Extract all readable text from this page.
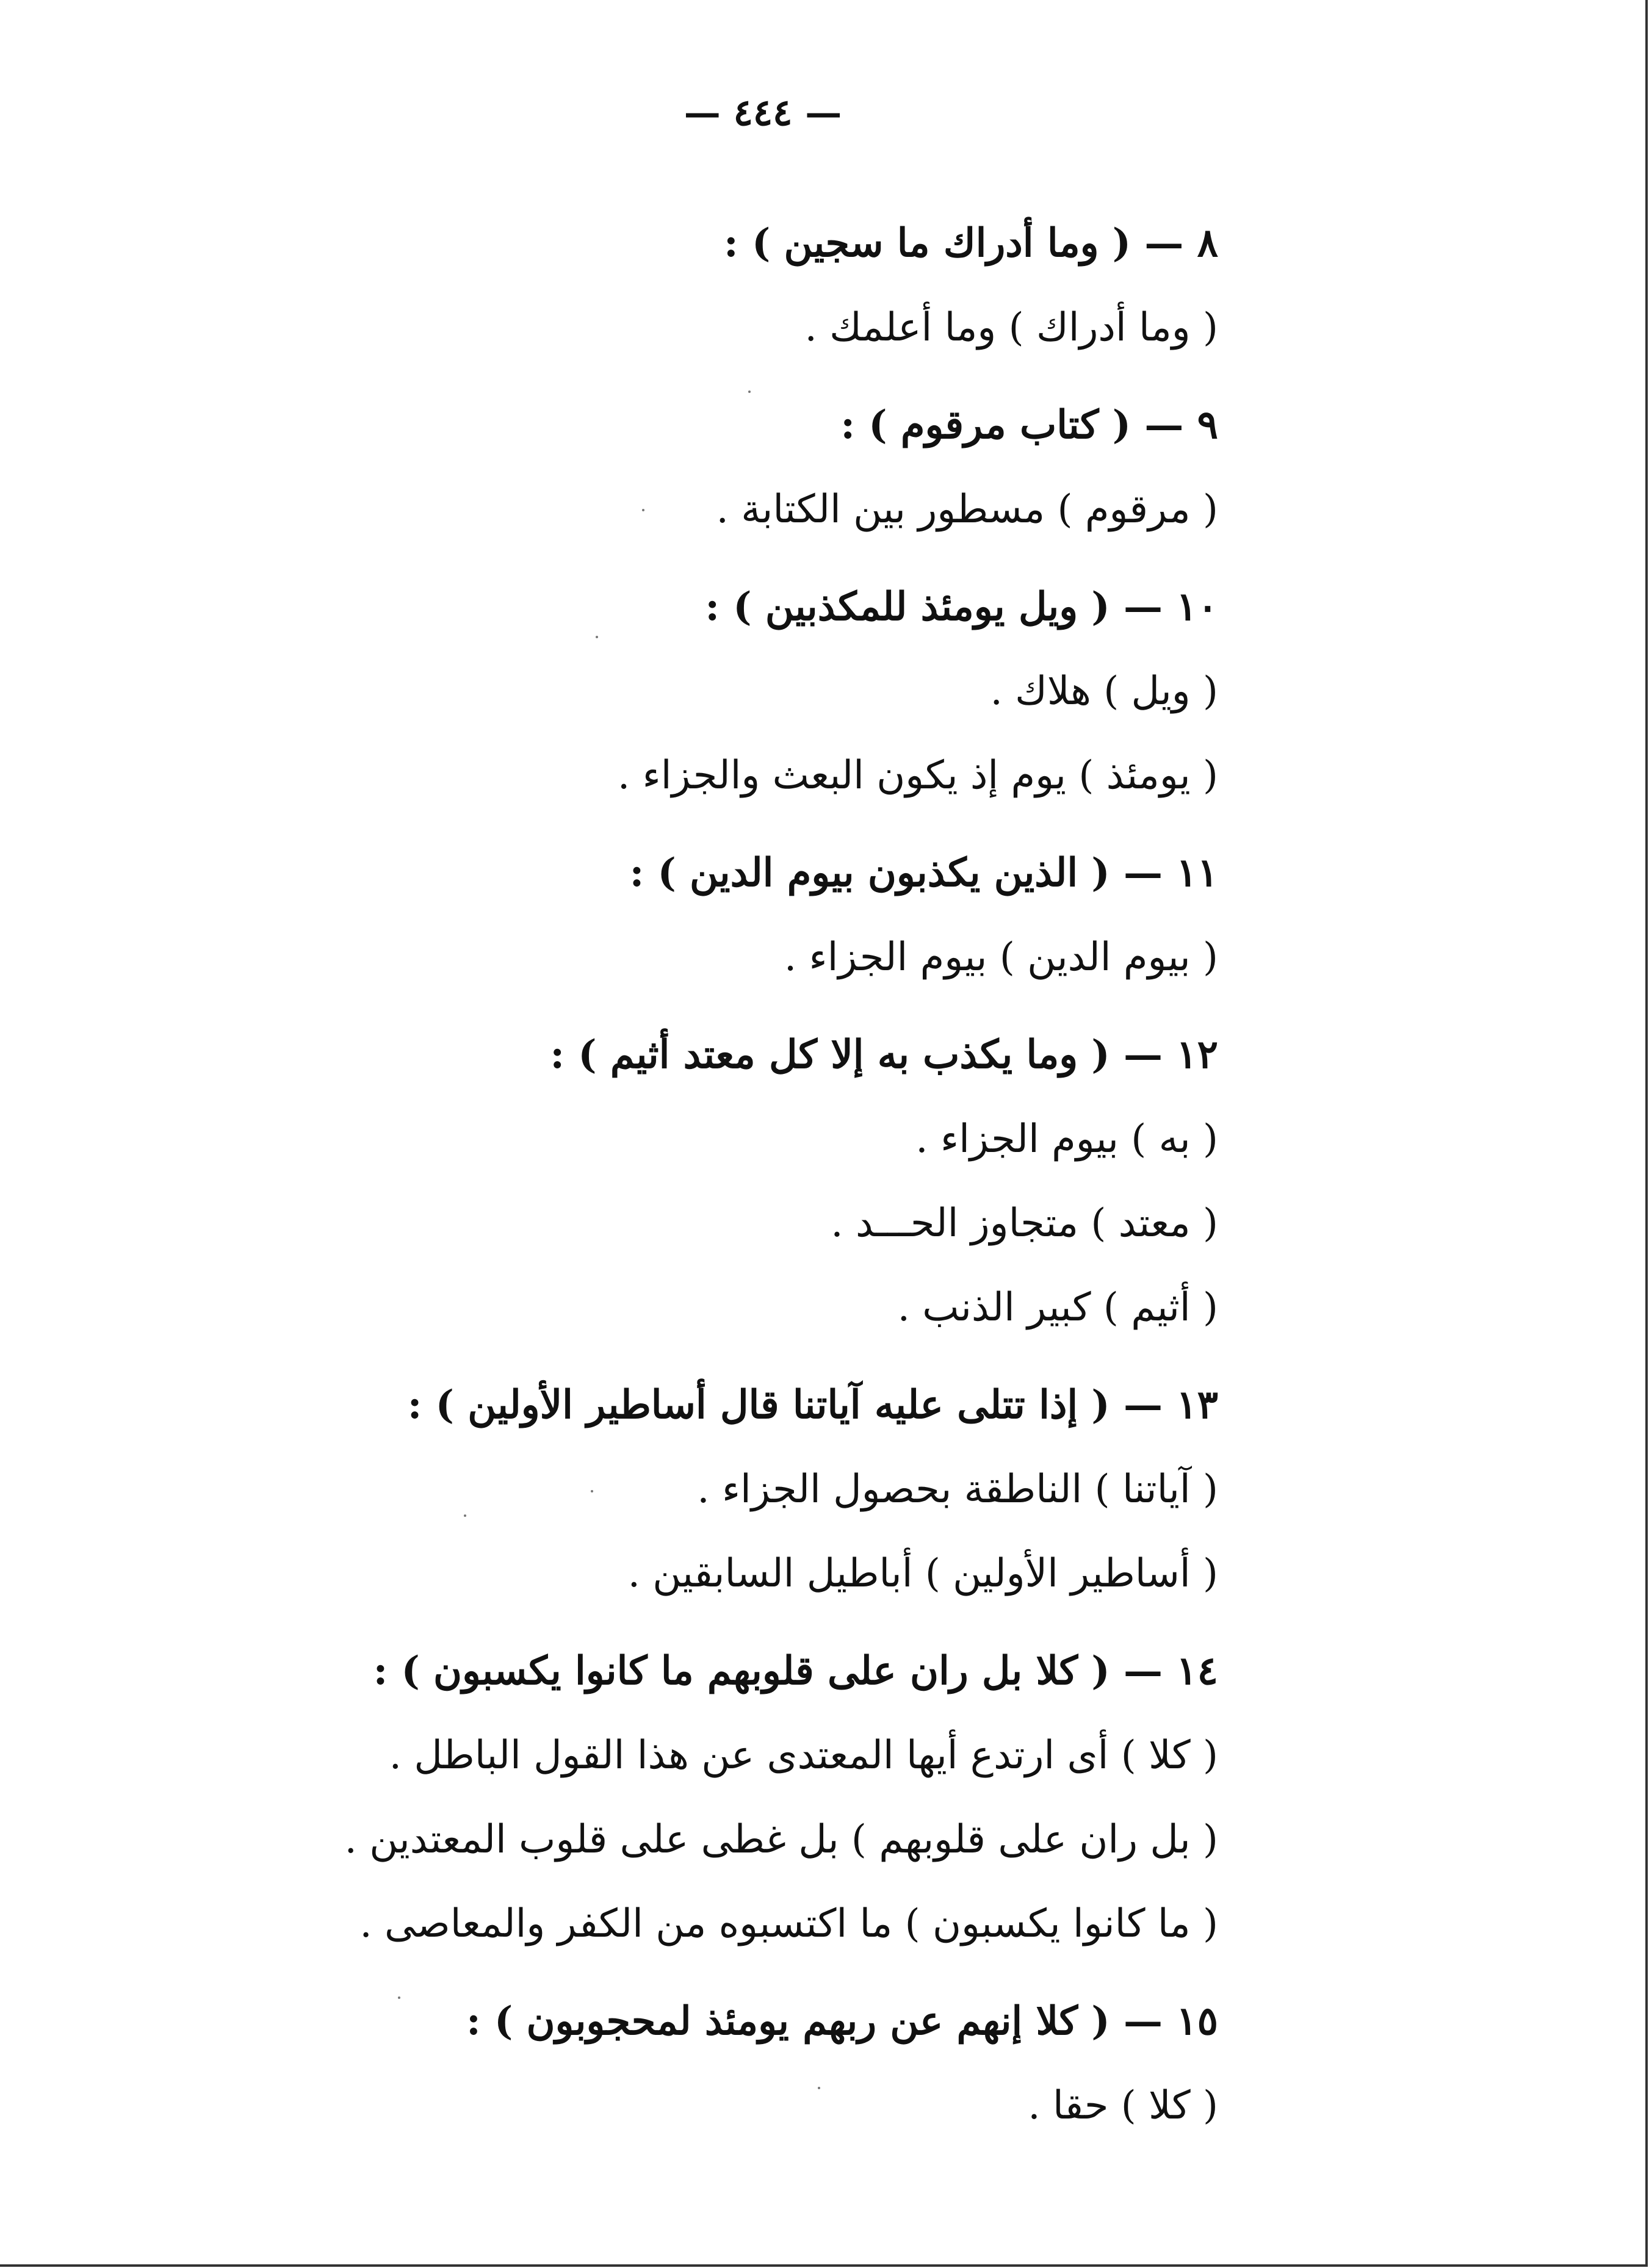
— ٤٤٤ —
٨ — ( وما أدراك ما سجين ) :
( وما أدراك ) وما أعلمك .
٩ — ( كتاب مرقوم ) :
( مرقوم ) مسطور بين الكتابة .
١٠ — ( ويل يومئذ للمكذبين ) :
( ويل ) هلاك .
( يومئذ ) يوم إذ يكون البعث والجزاء .
١١ — ( الذين يكذبون بيوم الدين ) :
( بيوم الدين ) بيوم الجزاء .
١٢ — ( وما يكذب به إلا كل معتد أثيم ) :
( به ) بيوم الجزاء .
( معتد ) متجاوز الحـــد .
( أثيم ) كبير الذنب .
١٣ — ( إذا تتلى عليه آياتنا قال أساطير الأولين ) :
( آياتنا ) الناطقة بحصول الجزاء .
( أساطير الأولين ) أباطيل السابقين .
١٤ — ( كلا بل ران على قلوبهم ما كانوا يكسبون ) :
( كلا ) أى ارتدع أيها المعتدى عن هذا القول الباطل .
( بل ران على قلوبهم ) بل غطى على قلوب المعتدين .
( ما كانوا يكسبون ) ما اكتسبوه من الكفر والمعاصى .
١٥ — ( كلا إنهم عن ربهم يومئذ لمحجوبون ) :
( كلا ) حقا .
